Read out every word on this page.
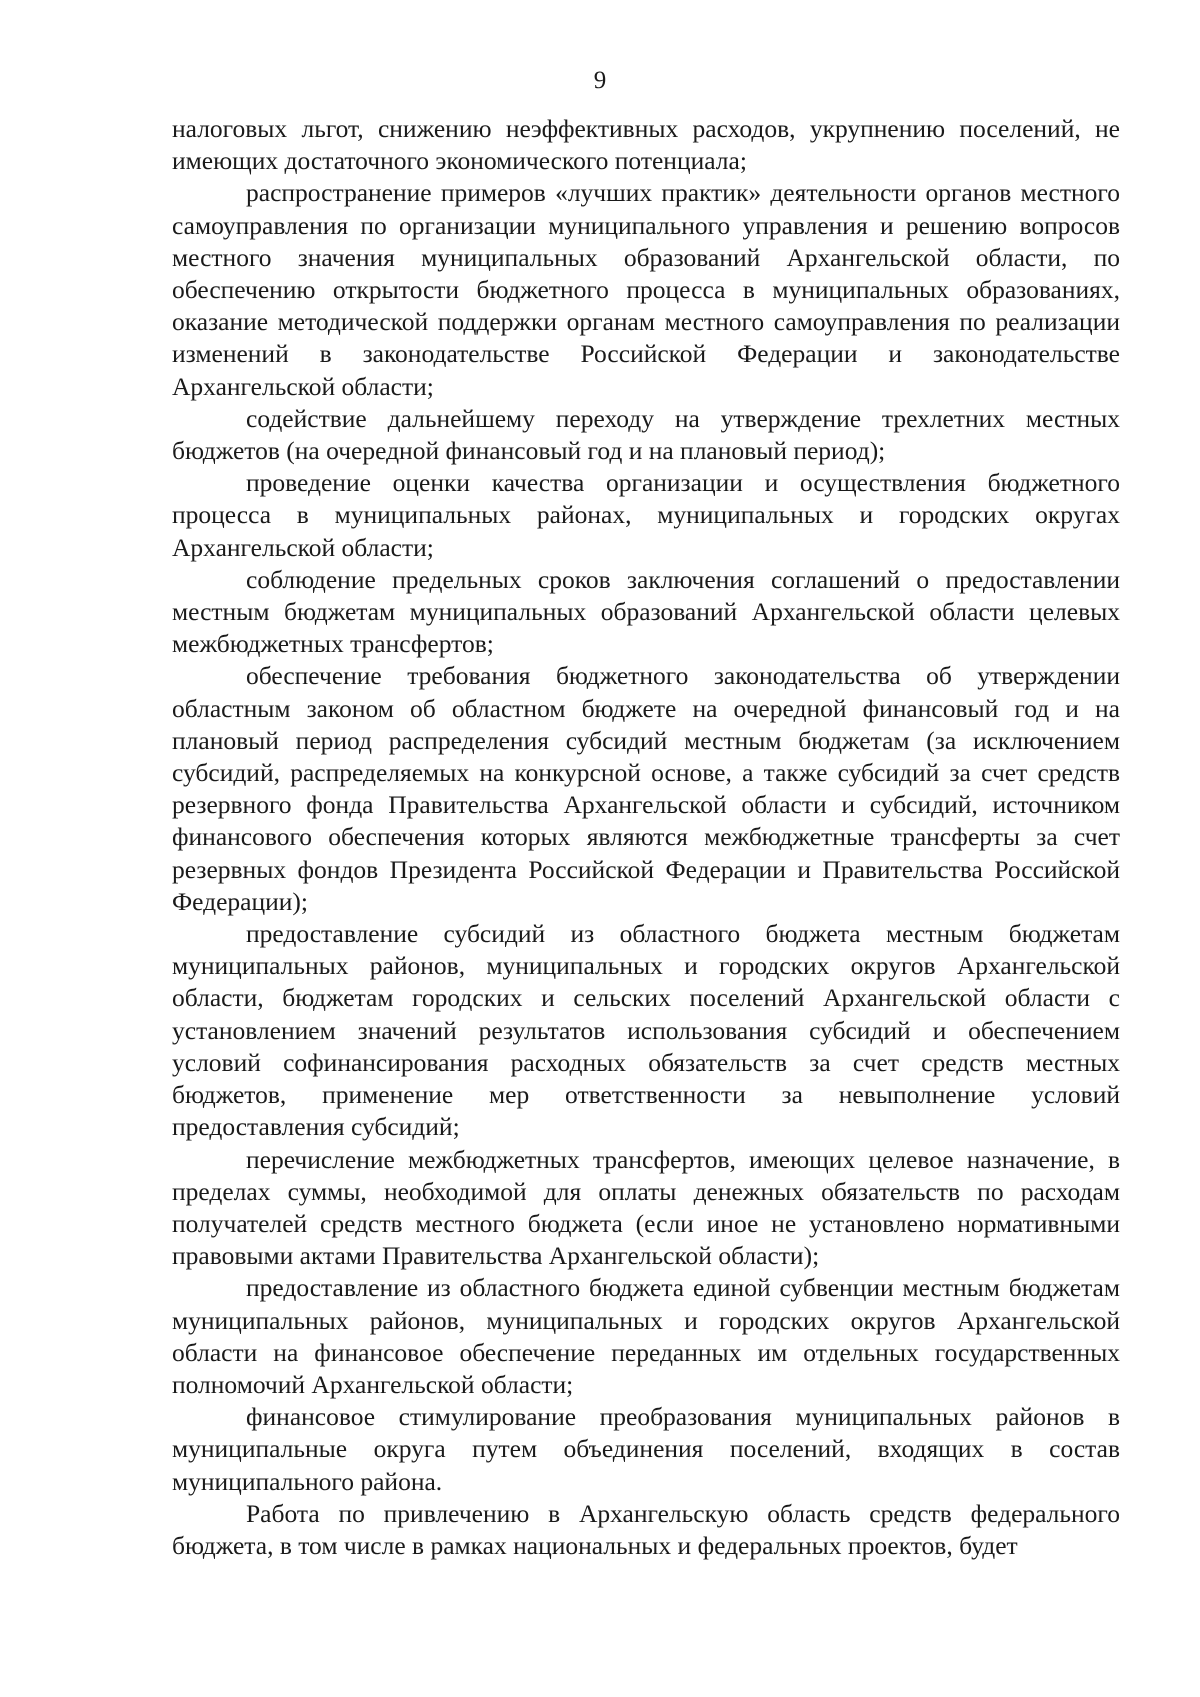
9

налоговых льгот, снижению неэффективных расходов, укрупнению поселений, не имеющих достаточного экономического потенциала;

распространение примеров «лучших практик» деятельности органов местного самоуправления по организации муниципального управления и решению вопросов местного значения муниципальных образований Архангельской области, по обеспечению открытости бюджетного процесса в муниципальных образованиях, оказание методической поддержки органам местного самоуправления по реализации изменений в законодательстве Российской Федерации и законодательстве Архангельской области;

содействие дальнейшему переходу на утверждение трехлетних местных бюджетов (на очередной финансовый год и на плановый период);

проведение оценки качества организации и осуществления бюджетного процесса в муниципальных районах, муниципальных и городских округах Архангельской области;

соблюдение предельных сроков заключения соглашений о предоставлении местным бюджетам муниципальных образований Архангельской области целевых межбюджетных трансфертов;

обеспечение требования бюджетного законодательства об утверждении областным законом об областном бюджете на очередной финансовый год и на плановый период распределения субсидий местным бюджетам (за исключением субсидий, распределяемых на конкурсной основе, а также субсидий за счет средств резервного фонда Правительства Архангельской области и субсидий, источником финансового обеспечения которых являются межбюджетные трансферты за счет резервных фондов Президента Российской Федерации и Правительства Российской Федерации);

предоставление субсидий из областного бюджета местным бюджетам муниципальных районов, муниципальных и городских округов Архангельской области, бюджетам городских и сельских поселений Архангельской области с установлением значений результатов использования субсидий и обеспечением условий софинансирования расходных обязательств за счет средств местных бюджетов, применение мер ответственности за невыполнение условий предоставления субсидий;

перечисление межбюджетных трансфертов, имеющих целевое назначение, в пределах суммы, необходимой для оплаты денежных обязательств по расходам получателей средств местного бюджета (если иное не установлено нормативными правовыми актами Правительства Архангельской области);

предоставление из областного бюджета единой субвенции местным бюджетам муниципальных районов, муниципальных и городских округов Архангельской области на финансовое обеспечение переданных им отдельных государственных полномочий Архангельской области;

финансовое стимулирование преобразования муниципальных районов в муниципальные округа путем объединения поселений, входящих в состав муниципального района.

Работа по привлечению в Архангельскую область средств федерального бюджета, в том числе в рамках национальных и федеральных проектов, будет
